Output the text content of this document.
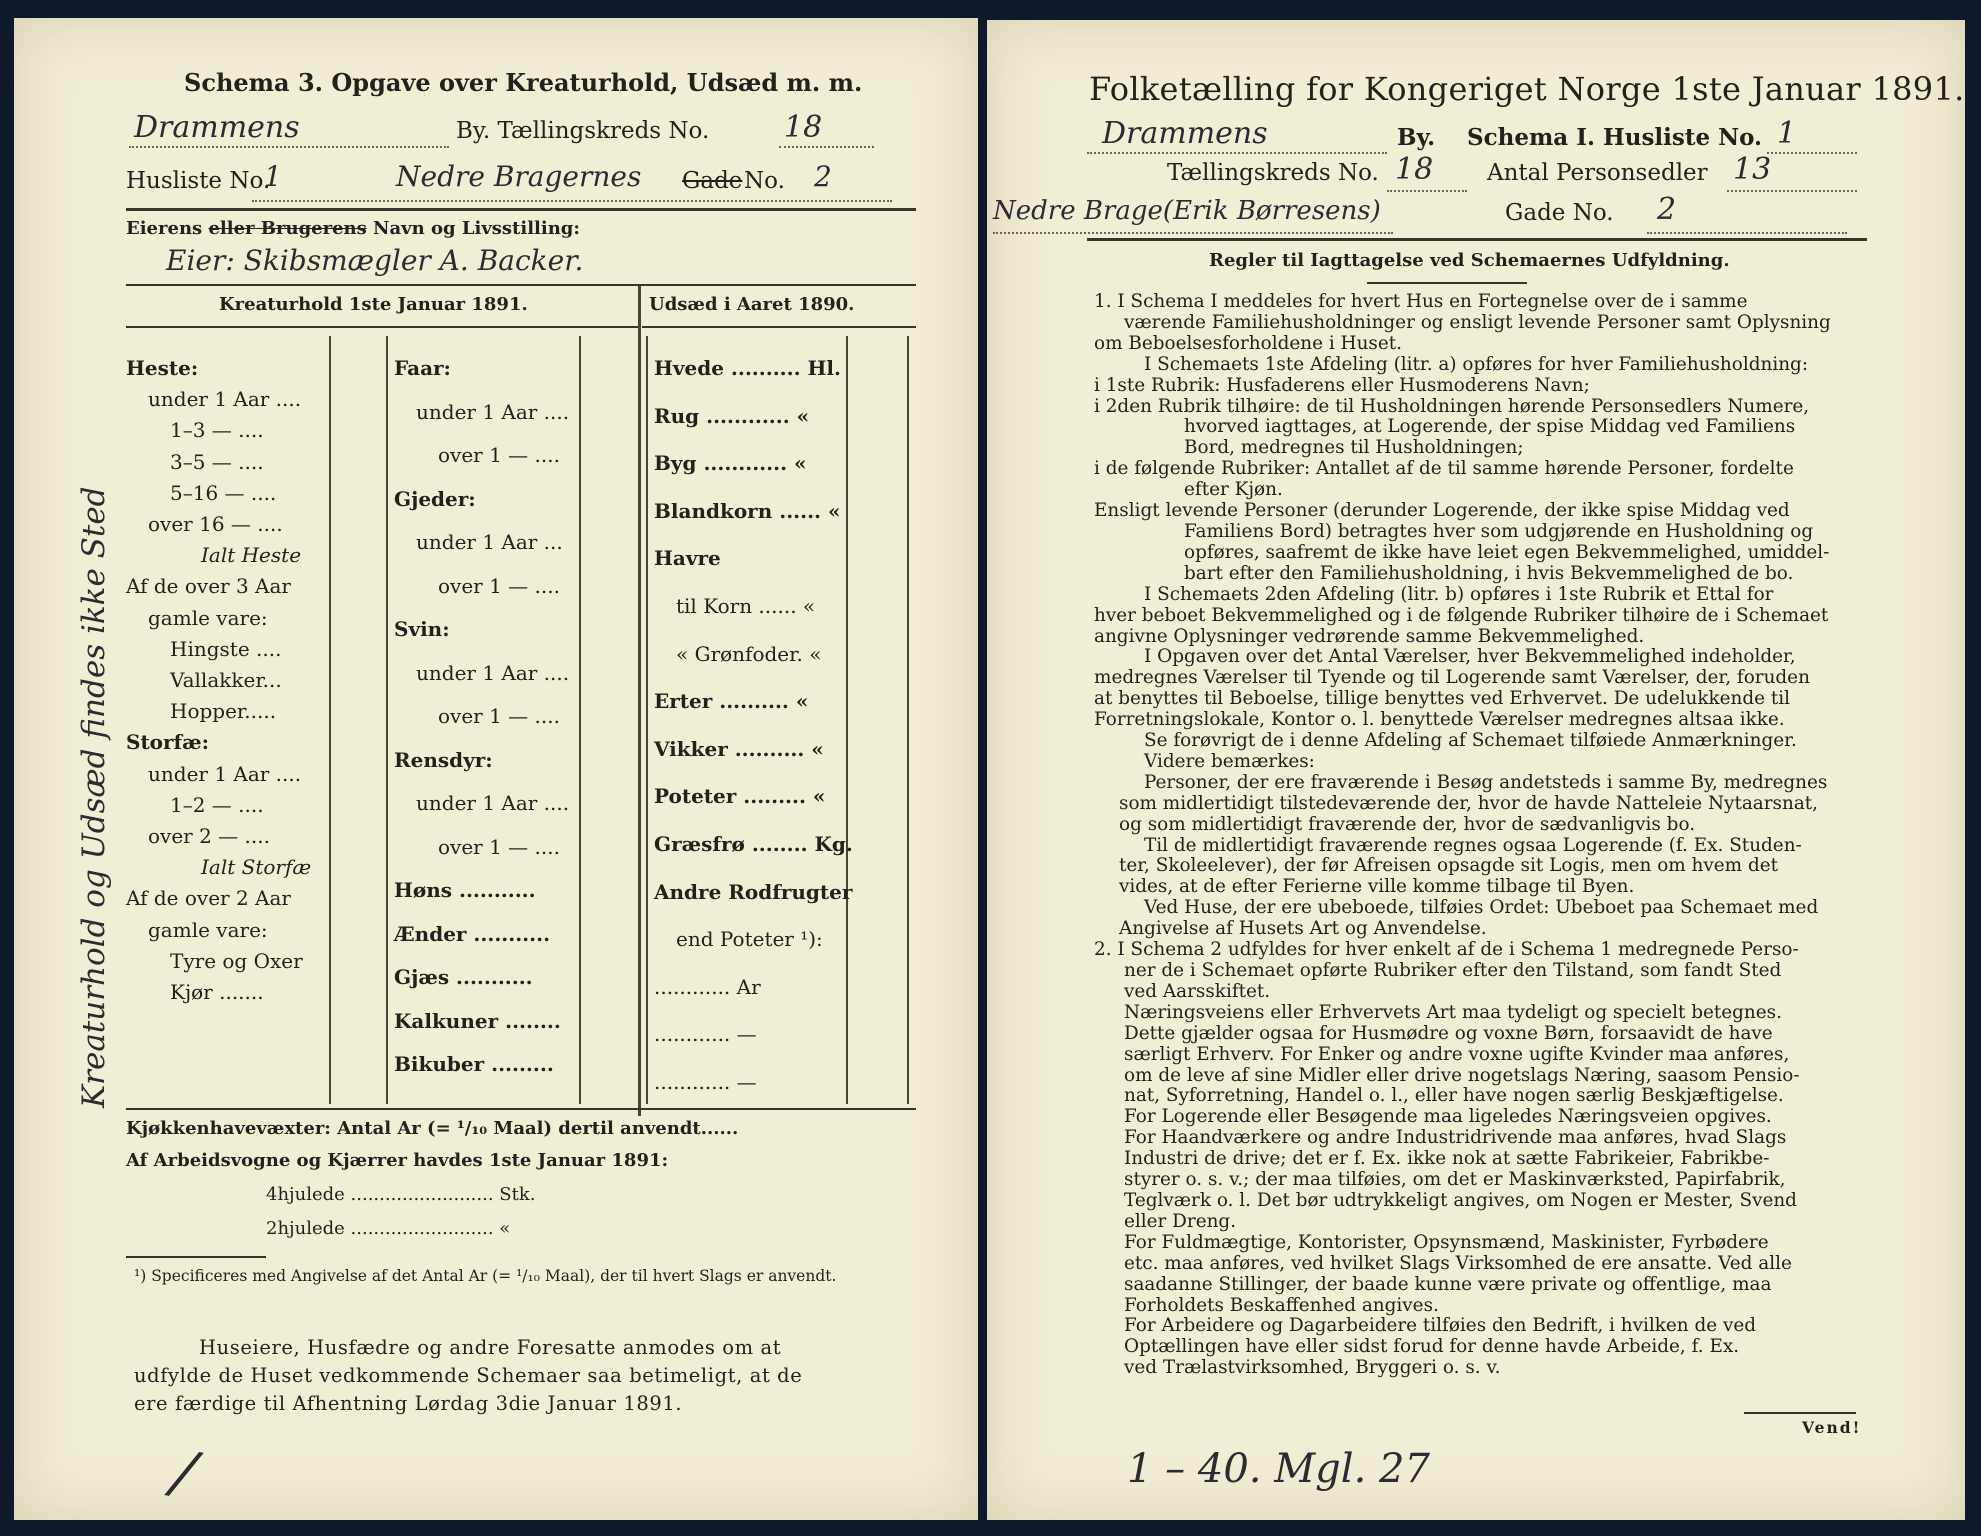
Schema 3. Opgave over Kreaturhold, Udsæd m. m.
Drammens	By. Tællingskreds No. 18
Husliste No.
1	Nedre Bragernes Gade No. 2
Eierens eller Brugerens Navn og Livsstilling:
Eier: Skibsmægler A. Backer.
Kreaturhold 1ste Januar 1891.	Udsæd i Aaret 1890.
Kreaturhold og Udsæd findes ikke Sted
Heste:
under 1 Aar ....
1–3 — ....
3–5 — ....
5–16 — ....
over 16 — ....
Ialt Heste
Af de over 3 Aar
gamle vare:
Hingste ....
Vallakker...
Hopper.....
Storfæ:
under 1 Aar ....
1–2 — ....
over 2 — ....
Ialt Storfæ
Af de over 2 Aar
gamle vare:
Tyre og Oxer
Kjør .......
Faar:
under 1 Aar ....
over 1 — ....
Gjeder:
under 1 Aar ...
over 1 — ....
Svin:
under 1 Aar ....
over 1 — ....
Rensdyr:
under 1 Aar ....
over 1 — ....
Høns ...........
Ænder ...........
Gjæs ...........
Kalkuner ........
Bikuber .........
Hvede .......... Hl.
Rug ............ «
Byg ............ «
Blandkorn ...... «
Havre
til Korn ...... «
« Grønfoder. «
Erter .......... «
Vikker .......... «
Poteter ......... «
Græsfrø ........ Kg.
Andre Rodfrugter
end Poteter ¹):
............ Ar
............ —
............ —
Kjøkkenhavevæxter: Antal Ar (= ¹/₁₀ Maal) dertil anvendt......
Af Arbeidsvogne og Kjærrer havdes 1ste Januar 1891:
4hjulede ......................... Stk.
2hjulede ......................... «
¹) Specificeres med Angivelse af det Antal Ar (= ¹/₁₀ Maal), der til hvert Slags er anvendt.
Huseiere, Husfædre og andre Foresatte anmodes om at
udfylde de Huset vedkommende Schemaer saa betimeligt, at de
ere færdige til Afhentning Lørdag 3die Januar 1891.
/
Folketælling for Kongeriget Norge 1ste Januar 1891.
Drammens	By. Schema I. Husliste No. 1
Tællingskreds No. 18 Antal Personsedler 13
Nedre Brage(Erik Børresens)	Gade No. 2
Regler til Iagttagelse ved Schemaernes Udfyldning.
1. I Schema I meddeles for hvert Hus en Fortegnelse over de i samme
værende Familiehusholdninger og ensligt levende Personer samt Oplysning
om Beboelsesforholdene i Huset.
I Schemaets 1ste Afdeling (litr. a) opføres for hver Familiehusholdning:
i 1ste Rubrik: Husfaderens eller Husmoderens Navn;
i 2den Rubrik tilhøire: de til Husholdningen hørende Personsedlers Numere,
hvorved iagttages, at Logerende, der spise Middag ved Familiens
Bord, medregnes til Husholdningen;
i de følgende Rubriker: Antallet af de til samme hørende Personer, fordelte
efter Kjøn.
Ensligt levende Personer (derunder Logerende, der ikke spise Middag ved
Familiens Bord) betragtes hver som udgjørende en Husholdning og
opføres, saafremt de ikke have leiet egen Bekvemmelighed, umiddel-
bart efter den Familiehusholdning, i hvis Bekvemmelighed de bo.
I Schemaets 2den Afdeling (litr. b) opføres i 1ste Rubrik et Ettal for
hver beboet Bekvemmelighed og i de følgende Rubriker tilhøire de i Schemaet
angivne Oplysninger vedrørende samme Bekvemmelighed.
I Opgaven over det Antal Værelser, hver Bekvemmelighed indeholder,
medregnes Værelser til Tyende og til Logerende samt Værelser, der, foruden
at benyttes til Beboelse, tillige benyttes ved Erhvervet. De udelukkende til
Forretningslokale, Kontor o. l. benyttede Værelser medregnes altsaa ikke.
Se forøvrigt de i denne Afdeling af Schemaet tilføiede Anmærkninger.
Videre bemærkes:
Personer, der ere fraværende i Besøg andetsteds i samme By, medregnes
som midlertidigt tilstedeværende der, hvor de havde Natteleie Nytaarsnat,
og som midlertidigt fraværende der, hvor de sædvanligvis bo.
Til de midlertidigt fraværende regnes ogsaa Logerende (f. Ex. Studen-
ter, Skoleelever), der før Afreisen opsagde sit Logis, men om hvem det
vides, at de efter Ferierne ville komme tilbage til Byen.
Ved Huse, der ere ubeboede, tilføies Ordet: Ubeboet paa Schemaet med
Angivelse af Husets Art og Anvendelse.
2. I Schema 2 udfyldes for hver enkelt af de i Schema 1 medregnede Perso-
ner de i Schemaet opførte Rubriker efter den Tilstand, som fandt Sted
ved Aarsskiftet.
Næringsveiens eller Erhvervets Art maa tydeligt og specielt betegnes.
Dette gjælder ogsaa for Husmødre og voxne Børn, forsaavidt de have
særligt Erhverv. For Enker og andre voxne ugifte Kvinder maa anføres,
om de leve af sine Midler eller drive nogetslags Næring, saasom Pensio-
nat, Syforretning, Handel o. l., eller have nogen særlig Beskjæftigelse.
For Logerende eller Besøgende maa ligeledes Næringsveien opgives.
For Haandværkere og andre Industridrivende maa anføres, hvad Slags
Industri de drive; det er f. Ex. ikke nok at sætte Fabrikeier, Fabrikbe-
styrer o. s. v.; der maa tilføies, om det er Maskinværksted, Papirfabrik,
Teglværk o. l. Det bør udtrykkeligt angives, om Nogen er Mester, Svend
eller Dreng.
For Fuldmægtige, Kontorister, Opsynsmænd, Maskinister, Fyrbødere
etc. maa anføres, ved hvilket Slags Virksomhed de ere ansatte. Ved alle
saadanne Stillinger, der baade kunne være private og offentlige, maa
Forholdets Beskaffenhed angives.
For Arbeidere og Dagarbeidere tilføies den Bedrift, i hvilken de ved
Optællingen have eller sidst forud for denne havde Arbeide, f. Ex.
ved Trælastvirksomhed, Bryggeri o. s. v.
Vend!
1 – 40. Mgl. 27
